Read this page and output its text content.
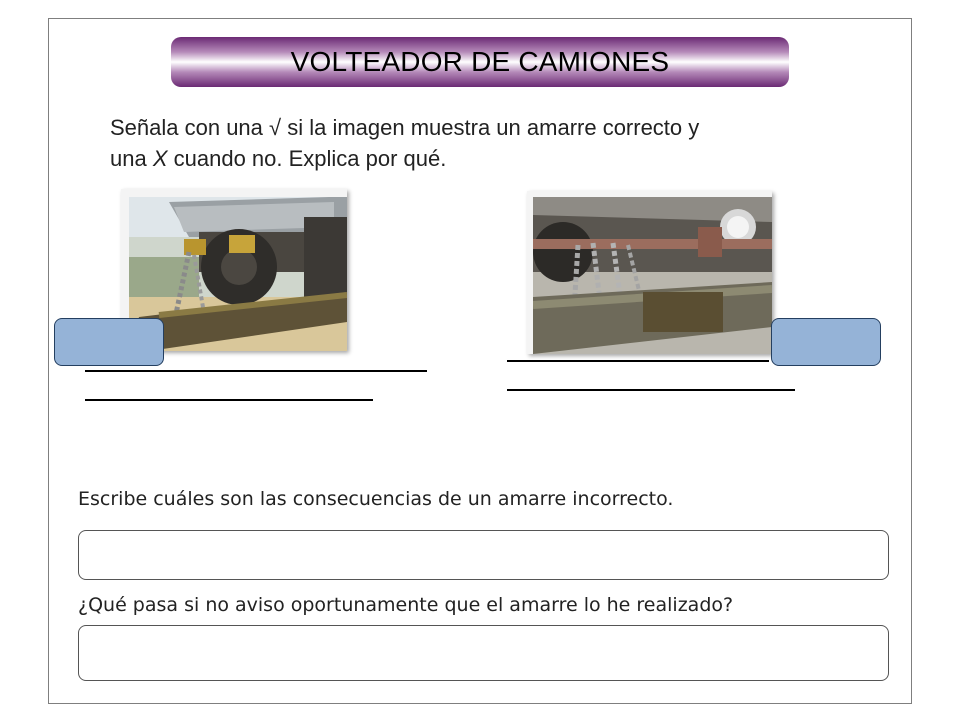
VOLTEADOR DE CAMIONES
Señala con una √ si la imagen muestra un amarre correcto y
una X cuando no. Explica por qué.
Escribe cuáles son las consecuencias de un amarre incorrecto.
¿Qué pasa si no aviso oportunamente que el amarre lo he realizado?
